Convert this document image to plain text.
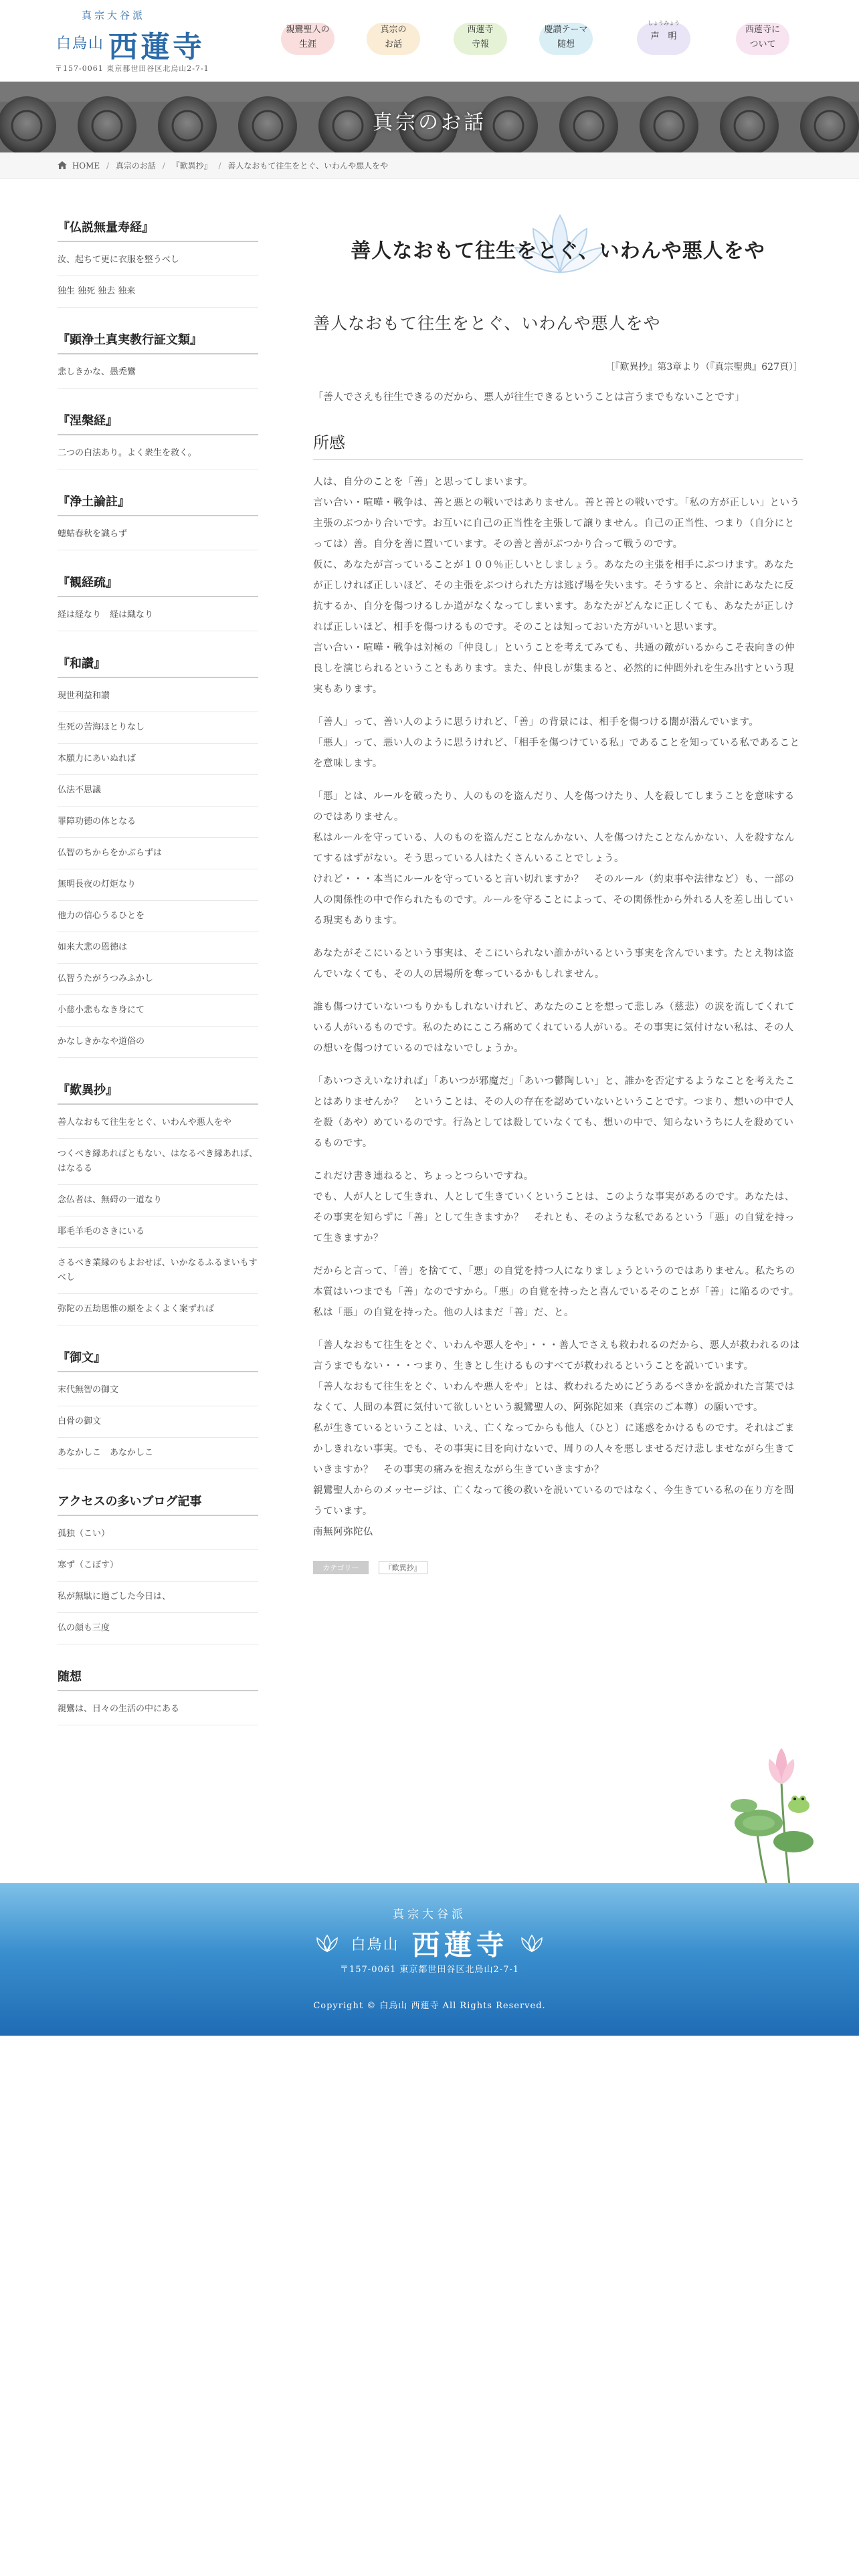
真宗大谷派
白鳥山 西蓮寺
〒157-0061 東京都世田谷区北烏山2-7-1
親鸞聖人の
生涯
真宗の
お話
西蓮寺
寺報
慶讃テーマ
随想
しょうみょう
声　明
西蓮寺に
ついて
真宗のお話
HOME / 真宗のお話 / 『歎異抄』 / 善人なおもて往生をとぐ、いわんや悪人をや
『仏説無量寿経』
汝、起ちて更に衣服を整うべし
独生 独死 独去 独来
『顕浄土真実教行証文類』
悲しきかな、愚禿鸞
『涅槃経』
二つの白法あり。よく衆生を救く。
『浄土論註』
蟪蛄春秋を識らず
『観経疏』
経は経なり　経は織なり
『和讃』
現世利益和讃
生死の苦海ほとりなし
本願力にあいぬれば
仏法不思議
罪障功徳の体となる
仏智のちからをかぶらずは
無明長夜の灯炬なり
他力の信心うるひとを
如来大悲の恩徳は
仏智うたがうつみふかし
小慈小悲もなき身にて
かなしきかなや道俗の
『歎異抄』
善人なおもて往生をとぐ、いわんや悪人をや
つくべき縁あればともない、はなるべき縁あれば、はなるる
念仏者は、無碍の一道なり
耶毛羊毛のさきにいる
さるべき業縁のもよおせば、いかなるふるまいもすべし
弥陀の五劫思惟の願をよくよく案ずれば
『御文』
末代無智の御文
白骨の御文
あなかしこ　あなかしこ
アクセスの多いブログ記事
孤独（こい）
寒ず（こぼす）
私が無駄に過ごした今日は、
仏の顔も三度
随想
親鸞は、日々の生活の中にある
善人なおもて往生をとぐ、いわんや悪人をや
善人なおもて往生をとぐ、いわんや悪人をや
［『歎異抄』第3章より（『真宗聖典』627頁）］
「善人でさえも往生できるのだから、悪人が往生できるということは言うまでもないことです」
所感
人は、自分のことを「善」と思ってしまいます。
言い合い・喧嘩・戦争は、善と悪との戦いではありません。善と善との戦いです。「私の方が正しい」という主張のぶつかり合いです。お互いに自己の正当性を主張して譲りません。自己の正当性、つまり（自分にとっては）善。自分を善に置いています。その善と善がぶつかり合って戦うのです。
仮に、あなたが言っていることが１００％正しいとしましょう。あなたの主張を相手にぶつけます。あなたが正しければ正しいほど、その主張をぶつけられた方は逃げ場を失います。そうすると、余計にあなたに反抗するか、自分を傷つけるしか道がなくなってしまいます。あなたがどんなに正しくても、あなたが正しければ正しいほど、相手を傷つけるものです。そのことは知っておいた方がいいと思います。
言い合い・喧嘩・戦争は対極の「仲良し」ということを考えてみても、共通の敵がいるからこそ表向きの仲良しを演じられるということもあります。また、仲良しが集まると、必然的に仲間外れを生み出すという現実もあります。
「善人」って、善い人のように思うけれど、「善」の背景には、相手を傷つける闇が潜んでいます。
「悪人」って、悪い人のように思うけれど、「相手を傷つけている私」であることを知っている私であることを意味します。
「悪」とは、ルールを破ったり、人のものを盗んだり、人を傷つけたり、人を殺してしまうことを意味するのではありません。
私はルールを守っている、人のものを盗んだことなんかない、人を傷つけたことなんかない、人を殺すなんてするはずがない。そう思っている人はたくさんいることでしょう。
けれど・・・本当にルールを守っていると言い切れますか？　そのルール（約束事や法律など）も、一部の人の関係性の中で作られたものです。ルールを守ることによって、その関係性から外れる人を差し出している現実もあります。
あなたがそこにいるという事実は、そこにいられない誰かがいるという事実を含んでいます。たとえ物は盗んでいなくても、その人の居場所を奪っているかもしれません。
誰も傷つけていないつもりかもしれないけれど、あなたのことを想って悲しみ（慈悲）の涙を流してくれている人がいるものです。私のためにこころ痛めてくれている人がいる。その事実に気付けない私は、その人の想いを傷つけているのではないでしょうか。
「あいつさえいなければ」「あいつが邪魔だ」「あいつ鬱陶しい」と、誰かを否定するようなことを考えたことはありませんか？　ということは、その人の存在を認めていないということです。つまり、想いの中で人を殺（あや）めているのです。行為としては殺していなくても、想いの中で、知らないうちに人を殺めているものです。
これだけ書き連ねると、ちょっとつらいですね。
でも、人が人として生きれ、人として生きていくということは、このような事実があるのです。あなたは、その事実を知らずに「善」として生きますか？　それとも、そのような私であるという「悪」の自覚を持って生きますか？
だからと言って、「善」を捨てて、「悪」の自覚を持つ人になりましょうというのではありません。私たちの本質はいつまでも「善」なのですから。「悪」の自覚を持ったと喜んでいるそのことが「善」に陥るのです。私は「悪」の自覚を持った。他の人はまだ「善」だ、と。
「善人なおもて往生をとぐ、いわんや悪人をや」・・・善人でさえも救われるのだから、悪人が救われるのは言うまでもない・・・つまり、生きとし生けるものすべてが救われるということを説いています。
「善人なおもて往生をとぐ、いわんや悪人をや」とは、救われるためにどうあるべきかを説かれた言葉ではなくて、人間の本質に気付いて欲しいという親鸞聖人の、阿弥陀如来（真宗のご本尊）の願いです。
私が生きているということは、いえ、亡くなってからも他人（ひと）に迷惑をかけるものです。それはごまかしきれない事実。でも、その事実に目を向けないで、周りの人々を悪しませるだけ悲しませながら生きていきますか？　その事実の痛みを抱えながら生きていきますか？
親鸞聖人からのメッセージは、亡くなって後の救いを説いているのではなく、今生きている私の在り方を問うています。
南無阿弥陀仏
カテゴリー	『歎異抄』
真宗大谷派
白鳥山 西蓮寺
〒157-0061 東京都世田谷区北烏山2-7-1
Copyright © 白鳥山 西蓮寺 All Rights Reserved.
